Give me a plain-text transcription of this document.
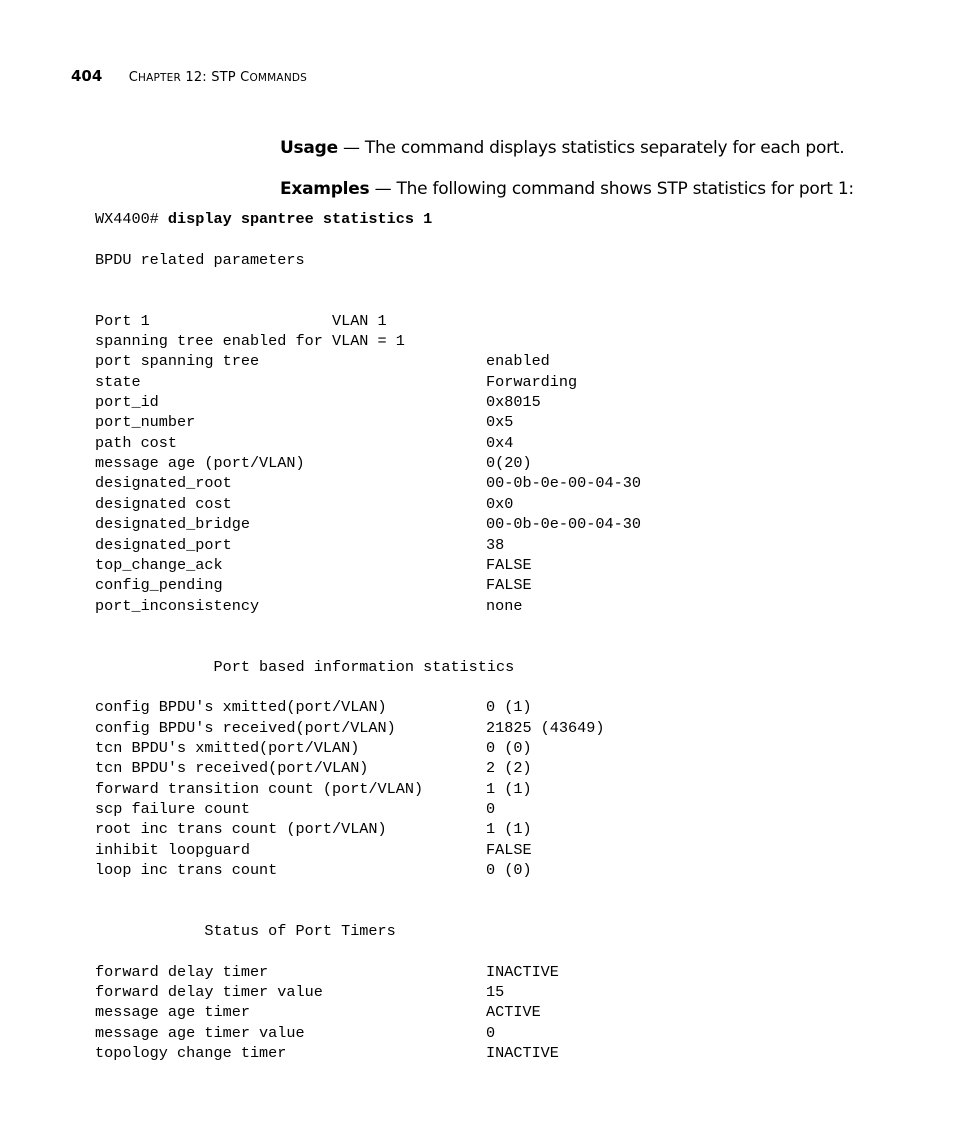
404 CHAPTER 12: STP COMMANDS
Usage — The command displays statistics separately for each port.
Examples — The following command shows STP statistics for port 1:
WX4400# display spantree statistics 1

BPDU related parameters

Port 1                    VLAN 1
spanning tree enabled for VLAN = 1
port spanning tree	enabled
state	Forwarding
port_id	0x8015
port_number	0x5
path cost	0x4
message age (port/VLAN)	0(20)
designated_root	00-0b-0e-00-04-30
designated cost	0x0
designated_bridge	00-0b-0e-00-04-30
designated_port	38
top_change_ack	FALSE
config_pending	FALSE
port_inconsistency	none

Port based information statistics

config BPDU's xmitted(port/VLAN)	0 (1)
config BPDU's received(port/VLAN)	21825 (43649)
tcn BPDU's xmitted(port/VLAN)	0 (0)
tcn BPDU's received(port/VLAN)	2 (2)
forward transition count (port/VLAN)	1 (1)
scp failure count	0
root inc trans count (port/VLAN)	1 (1)
inhibit loopguard	FALSE
loop inc trans count	0 (0)

Status of Port Timers

forward delay timer	INACTIVE
forward delay timer value	15
message age timer	ACTIVE
message age timer value	0
topology change timer	INACTIVE
